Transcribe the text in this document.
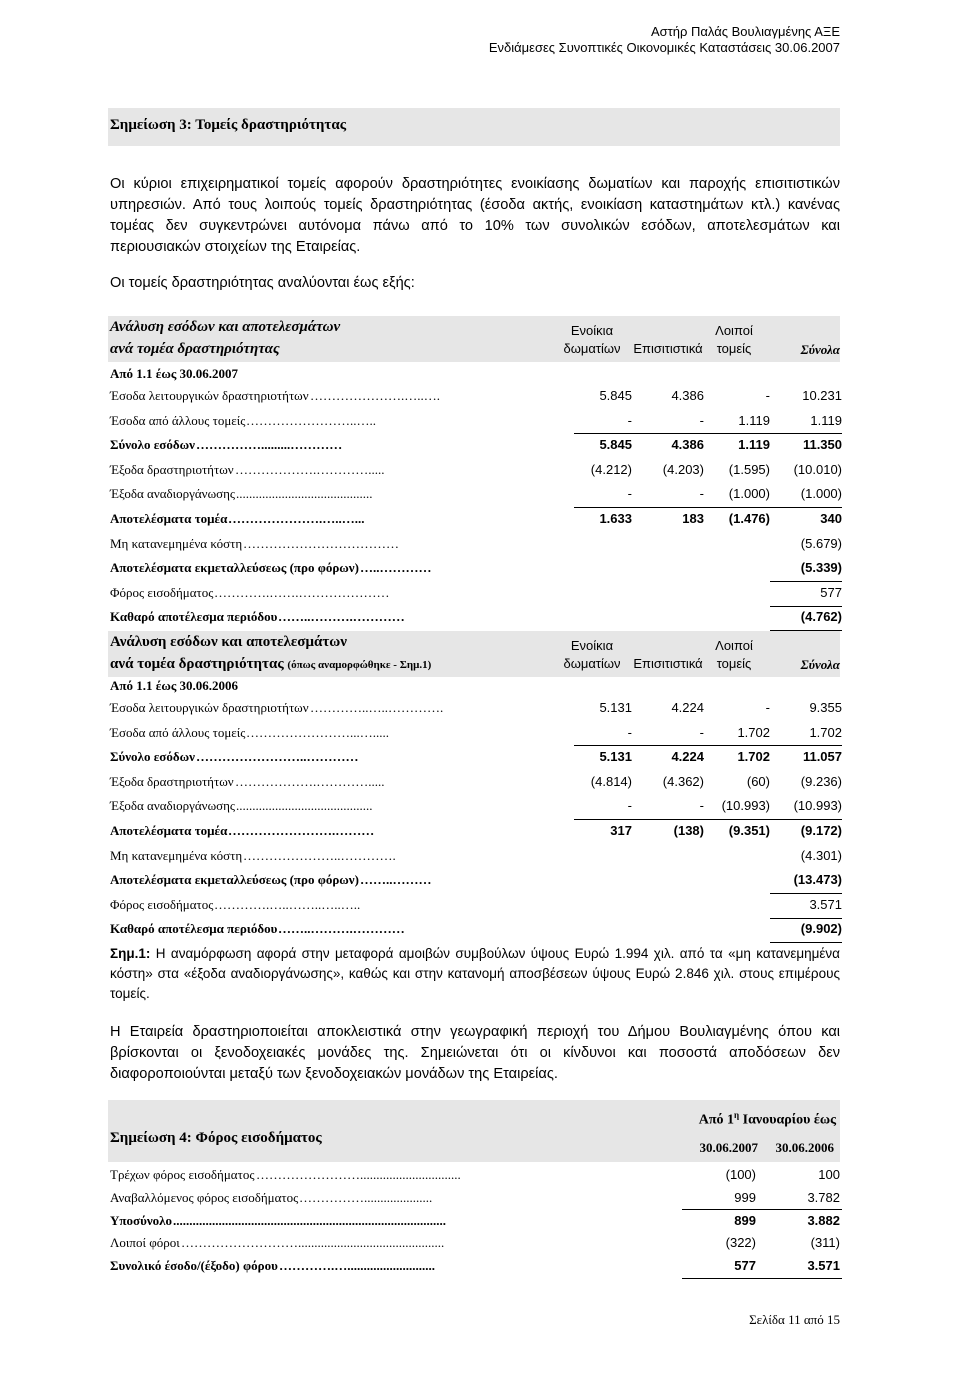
Αστήρ Παλάς Βουλιαγμένης ΑΞΕ
Ενδιάμεσες Συνοπτικές Οικονομικές Καταστάσεις 30.06.2007
Σημείωση 3: Τομείς δραστηριότητας
Οι κύριοι επιχειρηματικοί τομείς αφορούν δραστηριότητες ενοικίασης δωματίων και παροχής επισιτιστικών υπηρεσιών. Από τους λοιπούς τομείς δραστηριότητας (έσοδα ακτής, ενοικίαση καταστημάτων κτλ.) κανένας τομέας δεν συγκεντρώνει αυτόνομα πάνω από το 10% των συνολικών εσόδων, αποτελεσμάτων και περιουσιακών στοιχείων της Εταιρείας.
Οι τομείς δραστηριότητας αναλύονται έως εξής:
Ανάλυση εσόδων και αποτελεσμάτων
ανά τομέα δραστηριότητας
Ενοίκια
δωματίων Επισιτιστικά
Λοιποί
τομείς	Σύνολα
Από 1.1 έως 30.06.2007
Έσοδα λειτουργικών δραστηριοτήτων ………………….…..….	5.845	4.386	- 10.231
Έσοδα από άλλους τομείς ……………………..…..	-	-	1.119	1.119
Σύνολο εσόδων …………….........…………	5.845	4.386	1.119	11.350
Έξοδα δραστηριοτήτων ……………….………….....	(4.212) (4.203) (1.595) (10.010)
Έξοδα αναδιοργάνωσης ..........................................	-	- (1.000) (1.000)
Αποτελέσματα τομέα ………………….…..…...	1.633	183 (1.476)	340
Μη κατανεμημένα κόστη ………………………………	(5.679)
Αποτελέσματα εκμεταλλεύσεως (προ φόρων) …..…………	(5.339)
Φόρος εισοδήματος ………….…….…………………	577
Καθαρό αποτέλεσμα περιόδου ……..……….…………	(4.762)
Ανάλυση εσόδων και αποτελεσμάτων
ανά τομέα δραστηριότητας (όπως αναμορφώθηκε - Σημ.1)
Ενοίκια
δωματίων Επισιτιστικά
Λοιποί
τομείς	Σύνολα
Από 1.1 έως 30.06.2006
Έσοδα λειτουργικών δραστηριοτήτων …………..…..………….	5.131	4.224	-	9.355
Έσοδα από άλλους τομείς ……………………...….....	-	-	1.702	1.702
Σύνολο εσόδων ……………………..…………	5.131	4.224	1.702	11.057
Έξοδα δραστηριοτήτων ……………….………….....	(4.814) (4.362)	(60) (9.236)
Έξοδα αναδιοργάνωσης ..........................................	-	- (10.993) (10.993)
Αποτελέσματα τομέα …………………….………	317	(138) (9.351) (9.172)
Μη κατανεμημένα κόστη …………………..………….	(4.301)
Αποτελέσματα εκμεταλλεύσεως (προ φόρων) ……..………	(13.473)
Φόρος εισοδήματος ………….…..……..…..…..	3.571
Καθαρό αποτέλεσμα περιόδου ……..……….…………	(9.902)
Σημ.1: Η αναμόρφωση αφορά στην μεταφορά αμοιβών συμβούλων ύψους Ευρώ 1.994 χιλ. από τα «μη κατανεμημένα κόστη» στα «έξοδα αναδιοργάνωσης», καθώς και στην κατανομή αποσβέσεων ύψους Ευρώ 2.846 χιλ. στους επιμέρους τομείς.
Η Εταιρεία δραστηριοποιείται αποκλειστικά στην γεωγραφική περιοχή του Δήμου Βουλιαγμένης όπου και βρίσκονται οι ξενοδοχειακές μονάδες της. Σημειώνεται ότι οι κίνδυνοι και ποσοστά αποδόσεων δεν διαφοροποιούνται μεταξύ των ξενοδοχειακών μονάδων της Εταιρείας.
Σημείωση 4: Φόρος εισοδήματος
Από $1^\eta$ Ιανουαρίου έως
30.06.2007 30.06.2006
Τρέχων φόρος εισοδήματος ……………………...............................	(100)	100
Αναβαλλόμενος φόρος εισοδήματος …………….....................	999	3.782
Υποσύνολο ....................................................................................	899	3.882
Λοιποί φόροι ……………………….............................................	(322)	(311)
Συνολικό έσοδο/(έξοδο) φόρου ………….…...........................	577	3.571
Σελίδα 11 από 15
